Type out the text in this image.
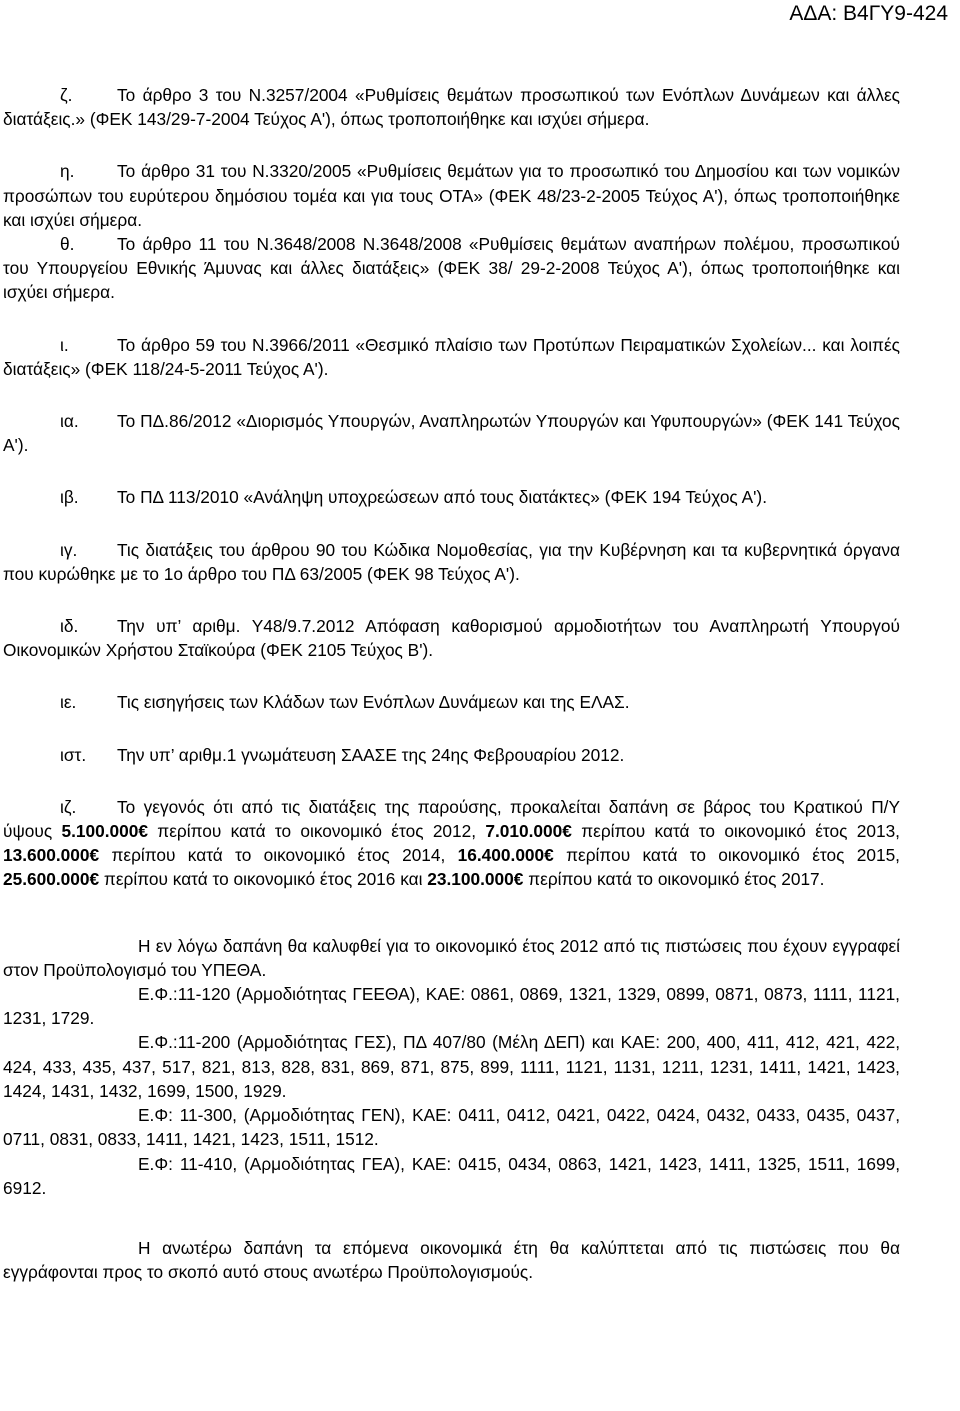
ΑΔΑ: Β4ΓΥ9-424

ζ.	Το άρθρο 3 του Ν.3257/2004 «Ρυθμίσεις θεμάτων προσωπικού των Ενόπλων Δυνάμεων και άλλες διατάξεις.» (ΦΕΚ 143/29-7-2004 Τεύχος Α'), όπως τροποποιήθηκε και ισχύει σήμερα.

η. Το άρθρο 31 του Ν.3320/2005 «Ρυθμίσεις θεμάτων για το προσωπικό του Δημοσίου και των νομικών προσώπων του ευρύτερου δημόσιου τομέα και για τους ΟΤΑ» (ΦΕΚ 48/23-2-2005 Τεύχος Α'), όπως τροποποιήθηκε και ισχύει σήμερα.

θ. Το άρθρο 11 του Ν.3648/2008 Ν.3648/2008 «Ρυθμίσεις θεμάτων αναπήρων πολέμου, προσωπικού του Υπουργείου Εθνικής Άμυνας και άλλες διατάξεις» (ΦΕΚ 38/ 29-2-2008 Τεύχος Α'), όπως τροποποιήθηκε και ισχύει σήμερα.

ι.	Το άρθρο 59 του Ν.3966/2011 «Θεσμικό πλαίσιο των Προτύπων Πειραματικών Σχολείων... και λοιπές διατάξεις» (ΦΕΚ 118/24-5-2011 Τεύχος Α').

ια. Το ΠΔ.86/2012 «Διορισμός Υπουργών, Αναπληρωτών Υπουργών και Υφυπουργών» (ΦΕΚ 141 Τεύχος Α').

ιβ. Το ΠΔ 113/2010 «Ανάληψη υποχρεώσεων από τους διατάκτες» (ΦΕΚ 194 Τεύχος Α').

ιγ. Τις διατάξεις του άρθρου 90 του Κώδικα Νομοθεσίας, για την Κυβέρνηση και τα κυβερνητικά όργανα που κυρώθηκε με το 1ο άρθρο του ΠΔ 63/2005 (ΦΕΚ 98 Τεύχος Α').

ιδ. Την υπ’ αριθμ. Υ48/9.7.2012 Απόφαση καθορισμού αρμοδιοτήτων του Αναπληρωτή Υπουργού Οικονομικών Χρήστου Σταϊκούρα (ΦΕΚ 2105 Τεύχος Β').

ιε. Τις εισηγήσεις των Κλάδων των Ενόπλων Δυνάμεων και της ΕΛΑΣ.

ιστ. Την υπ’ αριθμ.1 γνωμάτευση ΣΑΑΣΕ της 24ης Φεβρουαρίου 2012.

ιζ. Το γεγονός ότι από τις διατάξεις της παρούσης, προκαλείται δαπάνη σε βάρος του Κρατικού Π/Υ ύψους 5.100.000€ περίπου κατά το οικονομικό έτος 2012, 7.010.000€ περίπου κατά το οικονομικό έτος 2013, 13.600.000€ περίπου κατά το οικονομικό έτος 2014, 16.400.000€ περίπου κατά το οικονομικό έτος 2015, 25.600.000€ περίπου κατά το οικονομικό έτος 2016 και 23.100.000€ περίπου κατά το οικονομικό έτος 2017.

Η εν λόγω δαπάνη θα καλυφθεί για το οικονομικό έτος 2012 από τις πιστώσεις που έχουν εγγραφεί στον Προϋπολογισμό του ΥΠΕΘΑ.

Ε.Φ.:11-120 (Αρμοδιότητας ΓΕΕΘΑ), ΚΑΕ: 0861, 0869, 1321, 1329, 0899, 0871, 0873, 1111, 1121, 1231, 1729.

Ε.Φ.:11-200 (Αρμοδιότητας ΓΕΣ), ΠΔ 407/80 (Μέλη ΔΕΠ) και ΚΑΕ: 200, 400, 411, 412, 421, 422, 424, 433, 435, 437, 517, 821, 813, 828, 831, 869, 871, 875, 899, 1111, 1121, 1131, 1211, 1231, 1411, 1421, 1423, 1424, 1431, 1432, 1699, 1500, 1929.

Ε.Φ: 11-300, (Αρμοδιότητας ΓΕΝ), ΚΑΕ: 0411, 0412, 0421, 0422, 0424, 0432, 0433, 0435, 0437, 0711, 0831, 0833, 1411, 1421, 1423, 1511, 1512.

Ε.Φ: 11-410, (Αρμοδιότητας ΓΕΑ), ΚΑΕ: 0415, 0434, 0863, 1421, 1423, 1411, 1325, 1511, 1699, 6912.

Η ανωτέρω δαπάνη τα επόμενα οικονομικά έτη θα καλύπτεται από τις πιστώσεις που θα εγγράφονται προς το σκοπό αυτό στους ανωτέρω Προϋπολογισμούς.
